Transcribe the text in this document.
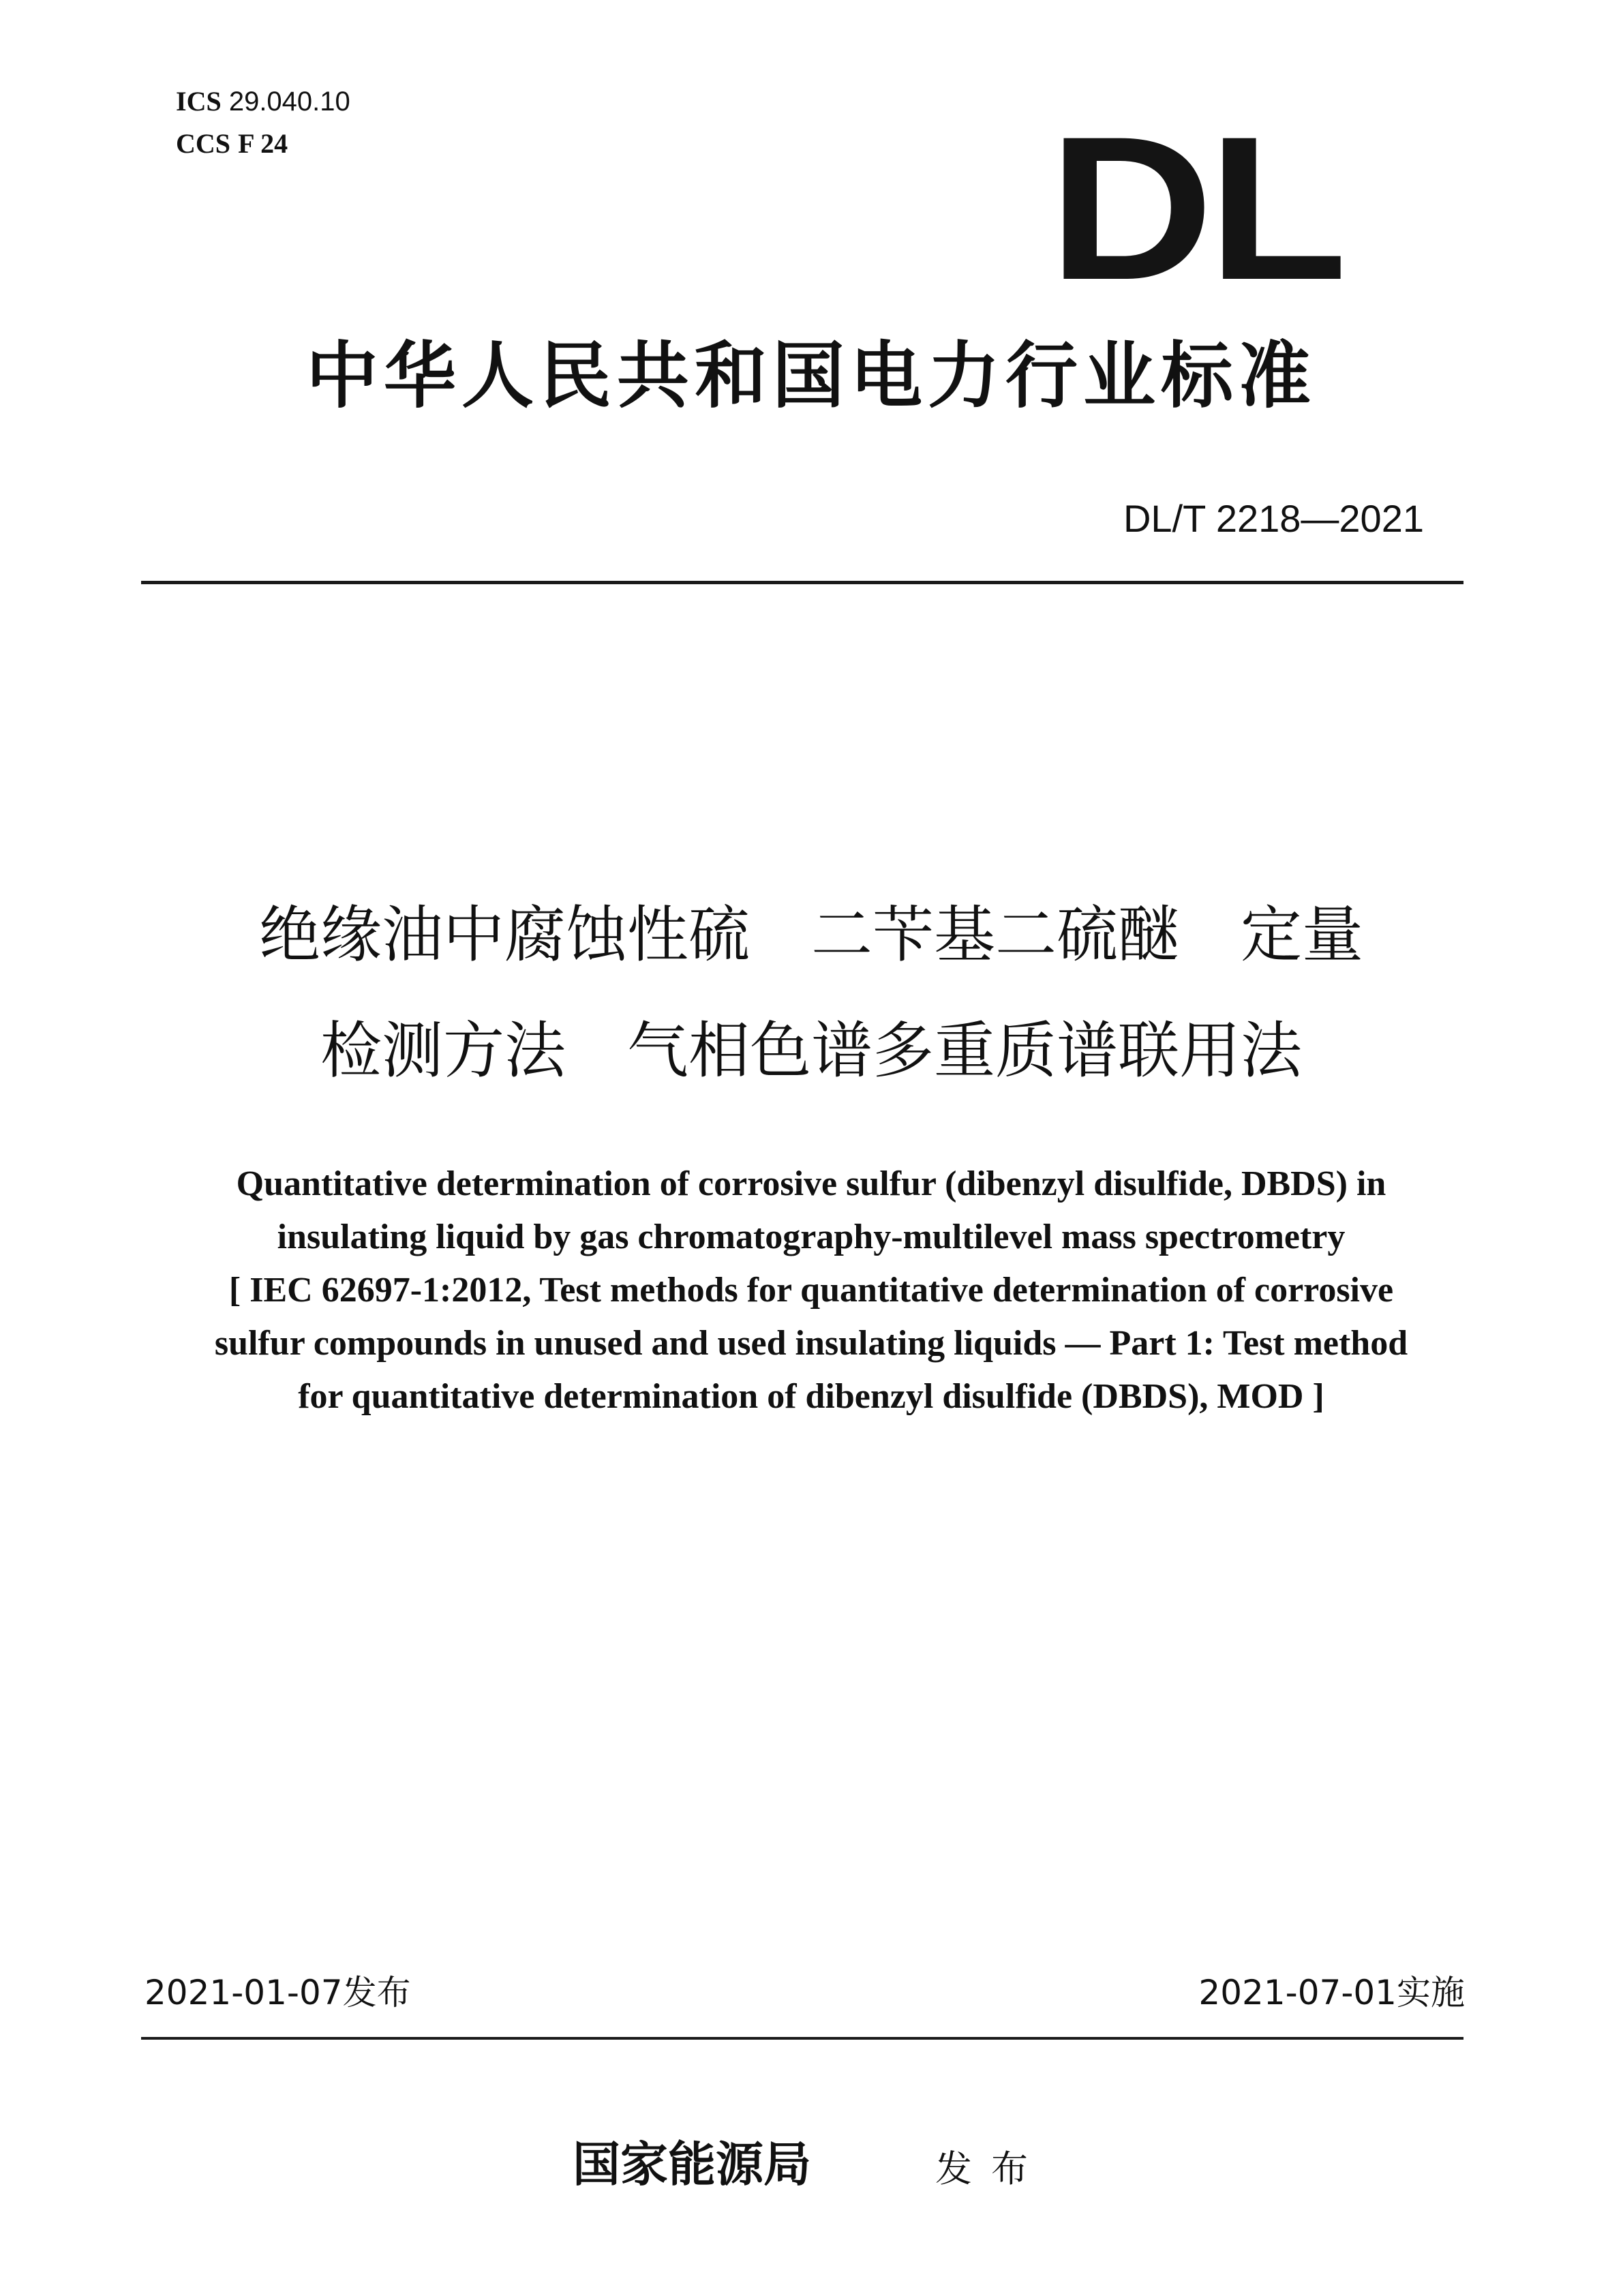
ICS 29.040.10
CCS F 24	DL
中华人民共和国电力行业标准
DL/T 2218—2021
绝缘油中腐蚀性硫　二苄基二硫醚　定量
检测方法　气相色谱多重质谱联用法
Quantitative determination of corrosive sulfur (dibenzyl disulfide, DBDS) in
insulating liquid by gas chromatography-multilevel mass spectrometry
[ IEC 62697-1:2012, Test methods for quantitative determination of corrosive
sulfur compounds in unused and used insulating liquids — Part 1: Test method
for quantitative determination of dibenzyl disulfide (DBDS), MOD ]
2021-01-07发布	2021-07-01实施
国家能源局	发布
